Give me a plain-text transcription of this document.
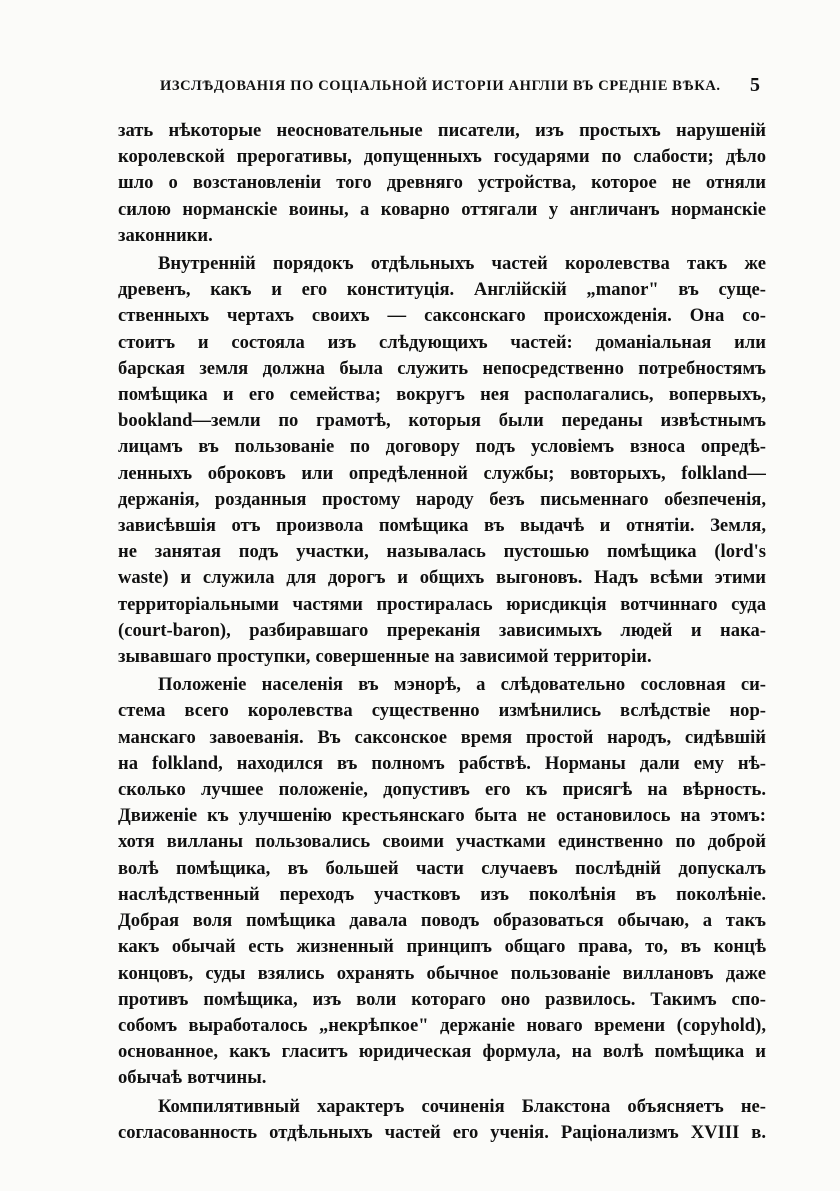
ИЗСЛѢДОВАНІЯ ПО СОЦІАЛЬНОЙ ИСТОРІИ АНГЛІИ ВЪ СРЕДНІЕ ВѢКА. 5
зать нѣкоторые неосновательные писатели, изъ простыхъ нарушеній
королевской прерогативы, допущенныхъ государями по слабости; дѣло
шло о возстановленіи того древняго устройства, которое не отняли
силою норманскіе воины, а коварно оттягали у англичанъ норманскіе
законники.
Внутренній порядокъ отдѣльныхъ частей королевства такъ же
древенъ, какъ и его конституція. Англійскій „manor" въ суще-
ственныхъ чертахъ своихъ — саксонскаго происхожденія. Она со-
стоитъ и состояла изъ слѣдующихъ частей: доманіальная или
барская земля должна была служить непосредственно потребностямъ
помѣщика и его семейства; вокругъ нея располагались, вопервыхъ,
bookland—земли по грамотѣ, которыя были переданы извѣстнымъ
лицамъ въ пользованіе по договору подъ условіемъ взноса опредѣ-
ленныхъ оброковъ или опредѣленной службы; вовторыхъ, folkland—
держанія, розданныя простому народу безъ письменнаго обезпеченія,
зависѣвшія отъ произвола помѣщика въ выдачѣ и отнятіи. Земля,
не занятая подъ участки, называлась пустошью помѣщика (lord's
waste) и служила для дорогъ и общихъ выгоновъ. Надъ всѣми этими
территоріальными частями простиралась юрисдикція вотчиннаго суда
(court-baron), разбиравшаго пререканія зависимыхъ людей и нака-
зывавшаго проступки, совершенные на зависимой территоріи.
Положеніе населенія въ мэнорѣ, а слѣдовательно сословная си-
стема всего королевства существенно измѣнились вслѣдствіе нор-
манскаго завоеванія. Въ саксонское время простой народъ, сидѣвшій
на folkland, находился въ полномъ рабствѣ. Норманы дали ему нѣ-
сколько лучшее положеніе, допустивъ его къ присягѣ на вѣрность.
Движеніе къ улучшенію крестьянскаго быта не остановилось на этомъ:
хотя вилланы пользовались своими участками единственно по доброй
волѣ помѣщика, въ большей части случаевъ послѣдній допускалъ
наслѣдственный переходъ участковъ изъ поколѣнія въ поколѣніе.
Добрая воля помѣщика давала поводъ образоваться обычаю, а такъ
какъ обычай есть жизненный принципъ общаго права, то, въ концѣ
концовъ, суды взялись охранять обычное пользованіе виллановъ даже
противъ помѣщика, изъ воли котораго оно развилось. Такимъ спо-
собомъ выработалось „некрѣпкое" держаніе новаго времени (copyhold),
основанное, какъ гласитъ юридическая формула, на волѣ помѣщика и
обычаѣ вотчины.
Компилятивный характеръ сочиненія Блакстона объясняетъ не-
согласованность отдѣльныхъ частей его ученія. Раціонализмъ XVIII в.
